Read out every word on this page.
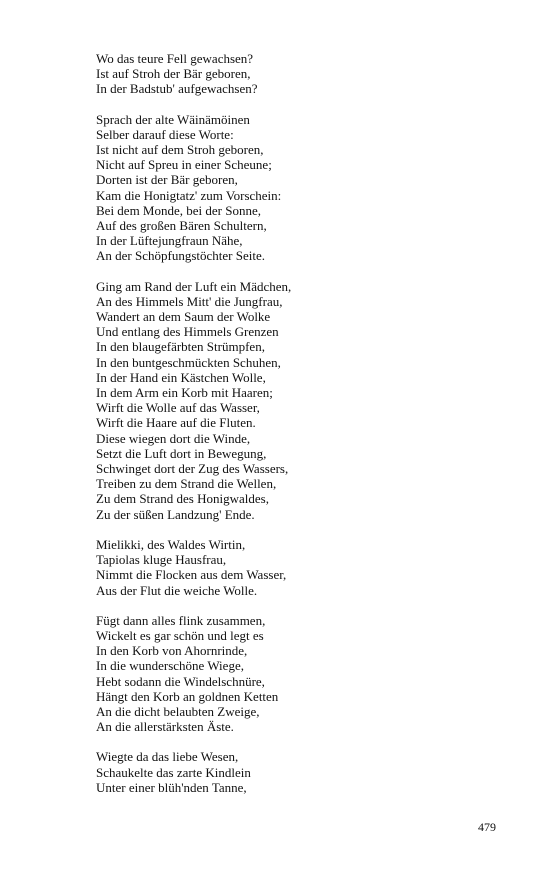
Wo das teure Fell gewachsen?
Ist auf Stroh der Bär geboren,
In der Badstub' aufgewachsen?
Sprach der alte Wäinämöinen
Selber darauf diese Worte:
Ist nicht auf dem Stroh geboren,
Nicht auf Spreu in einer Scheune;
Dorten ist der Bär geboren,
Kam die Honigtatz' zum Vorschein:
Bei dem Monde, bei der Sonne,
Auf des großen Bären Schultern,
In der Lüftejungfraun Nähe,
An der Schöpfungstöchter Seite.
Ging am Rand der Luft ein Mädchen,
An des Himmels Mitt' die Jungfrau,
Wandert an dem Saum der Wolke
Und entlang des Himmels Grenzen
In den blaugefärbten Strümpfen,
In den buntgeschmückten Schuhen,
In der Hand ein Kästchen Wolle,
In dem Arm ein Korb mit Haaren;
Wirft die Wolle auf das Wasser,
Wirft die Haare auf die Fluten.
Diese wiegen dort die Winde,
Setzt die Luft dort in Bewegung,
Schwinget dort der Zug des Wassers,
Treiben zu dem Strand die Wellen,
Zu dem Strand des Honigwaldes,
Zu der süßen Landzung' Ende.
Mielikki, des Waldes Wirtin,
Tapiolas kluge Hausfrau,
Nimmt die Flocken aus dem Wasser,
Aus der Flut die weiche Wolle.
Fügt dann alles flink zusammen,
Wickelt es gar schön und legt es
In den Korb von Ahornrinde,
In die wunderschöne Wiege,
Hebt sodann die Windelschnüre,
Hängt den Korb an goldnen Ketten
An die dicht belaubten Zweige,
An die allerstärksten Äste.
Wiegte da das liebe Wesen,
Schaukelte das zarte Kindlein
Unter einer blüh'nden Tanne,
479
